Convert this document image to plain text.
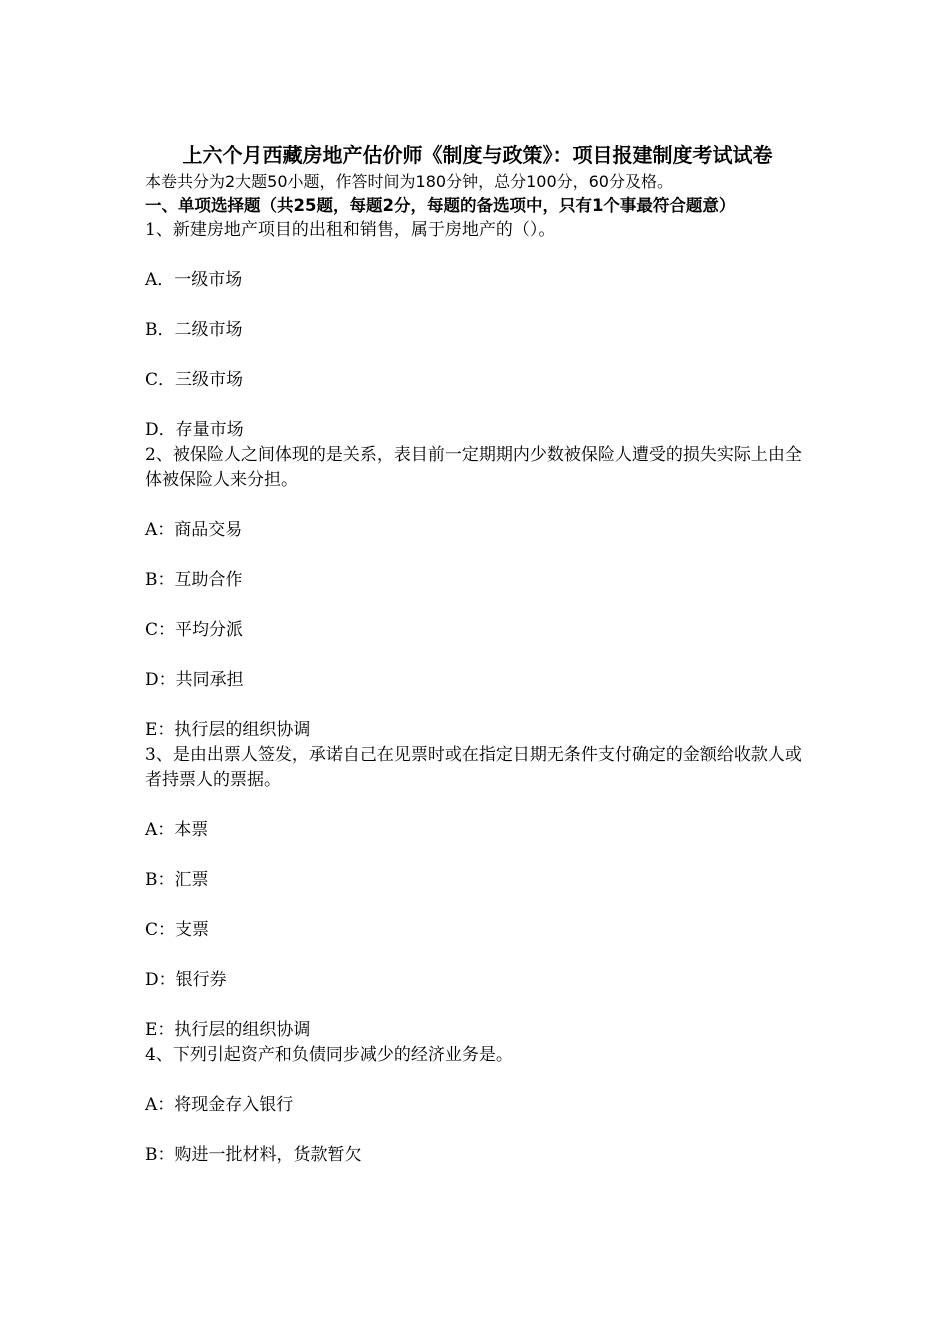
上六个月西藏房地产估价师《制度与政策》：项目报建制度考试试卷

本卷共分为2大题50小题，作答时间为180分钟，总分100分，60分及格。

一、单项选择题（共25题，每题2分，每题的备选项中，只有1个事最符合题意）

1、新建房地产项目的出租和销售，属于房地产的（）。

A．一级市场

B．二级市场

C．三级市场

D．存量市场

2、被保险人之间体现的是关系，表目前一定期期内少数被保险人遭受的损失实际上由全体被保险人来分担。

A：商品交易

B：互助合作

C：平均分派

D：共同承担

E：执行层的组织协调

3、是由出票人签发，承诺自己在见票时或在指定日期无条件支付确定的金额给收款人或者持票人的票据。

A：本票

B：汇票

C：支票

D：银行券

E：执行层的组织协调

4、下列引起资产和负债同步减少的经济业务是。

A：将现金存入银行

B：购进一批材料，货款暂欠
